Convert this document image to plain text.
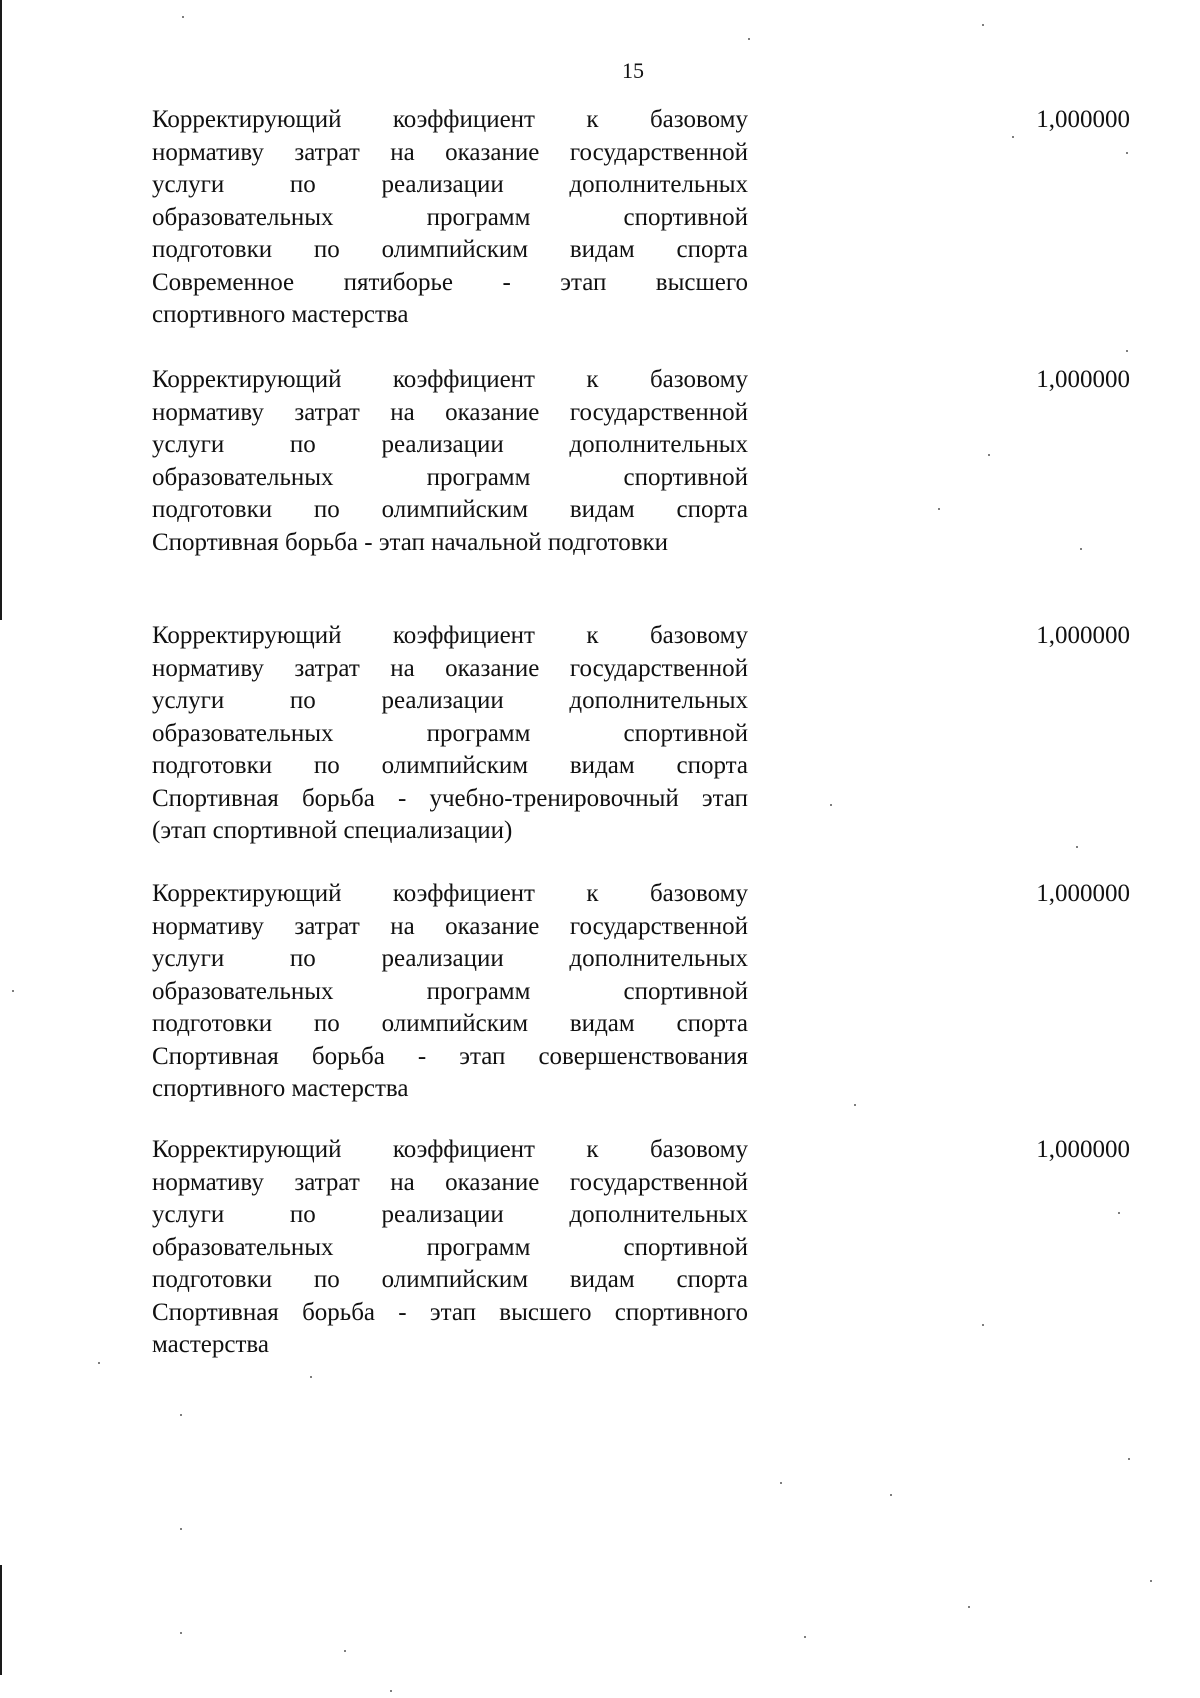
15
Корректирующий коэффициент к базовому
нормативу затрат на оказание государственной
услуги по реализации дополнительных
образовательных программ спортивной
подготовки по олимпийским видам спорта
Современное пятиборье - этап высшего
спортивного мастерства
1,000000
Корректирующий коэффициент к базовому
нормативу затрат на оказание государственной
услуги по реализации дополнительных
образовательных программ спортивной
подготовки по олимпийским видам спорта
Спортивная борьба - этап начальной подготовки
1,000000
Корректирующий коэффициент к базовому
нормативу затрат на оказание государственной
услуги по реализации дополнительных
образовательных программ спортивной
подготовки по олимпийским видам спорта
Спортивная борьба - учебно-тренировочный этап
(этап спортивной специализации)
1,000000
Корректирующий коэффициент к базовому
нормативу затрат на оказание государственной
услуги по реализации дополнительных
образовательных программ спортивной
подготовки по олимпийским видам спорта
Спортивная борьба - этап совершенствования
спортивного мастерства
1,000000
Корректирующий коэффициент к базовому
нормативу затрат на оказание государственной
услуги по реализации дополнительных
образовательных программ спортивной
подготовки по олимпийским видам спорта
Спортивная борьба - этап высшего спортивного
мастерства
1,000000
